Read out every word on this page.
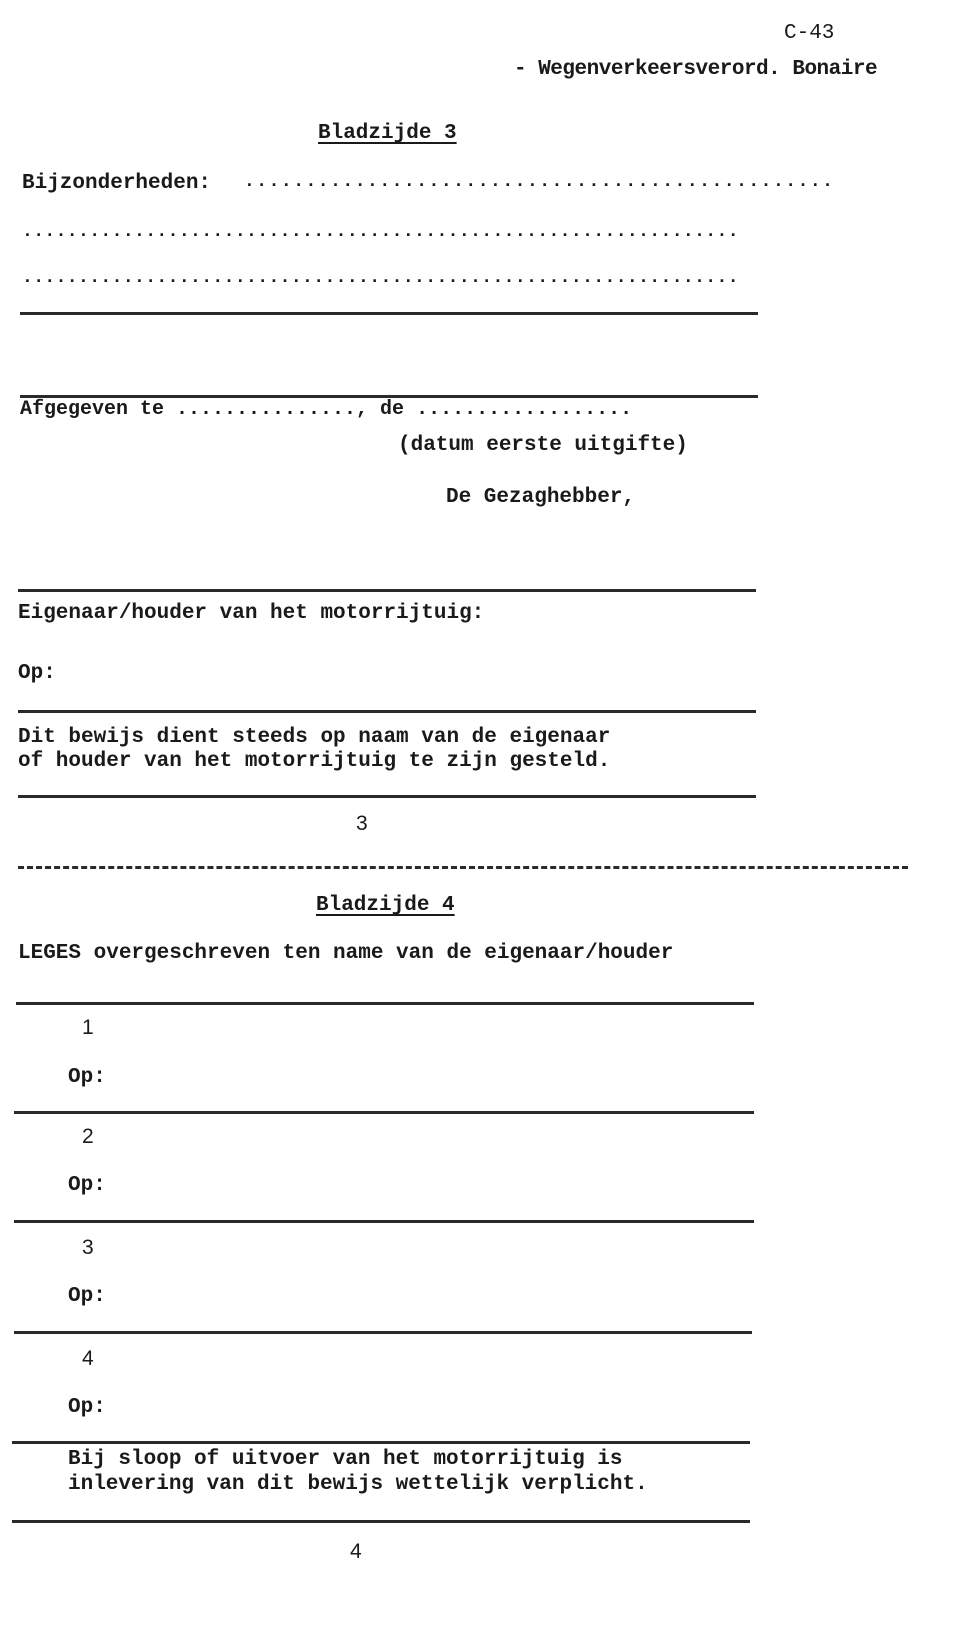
C-43
- Wegenverkeersverord. Bonaire
Bladzijde 3
Bijzonderheden: ................................................
................................................................
................................................................
Afgegeven te ..............., de ..................
(datum eerste uitgifte)
De Gezaghebber,
Eigenaar/houder van het motorrijtuig:
Op:
Dit bewijs dient steeds op naam van de eigenaar
of houder van het motorrijtuig te zijn gesteld.
3
Bladzijde 4
LEGES overgeschreven ten name van de eigenaar/houder
1
Op:
2
Op:
3
Op:
4
Op:
Bij sloop of uitvoer van het motorrijtuig is
inlevering van dit bewijs wettelijk verplicht.
4
